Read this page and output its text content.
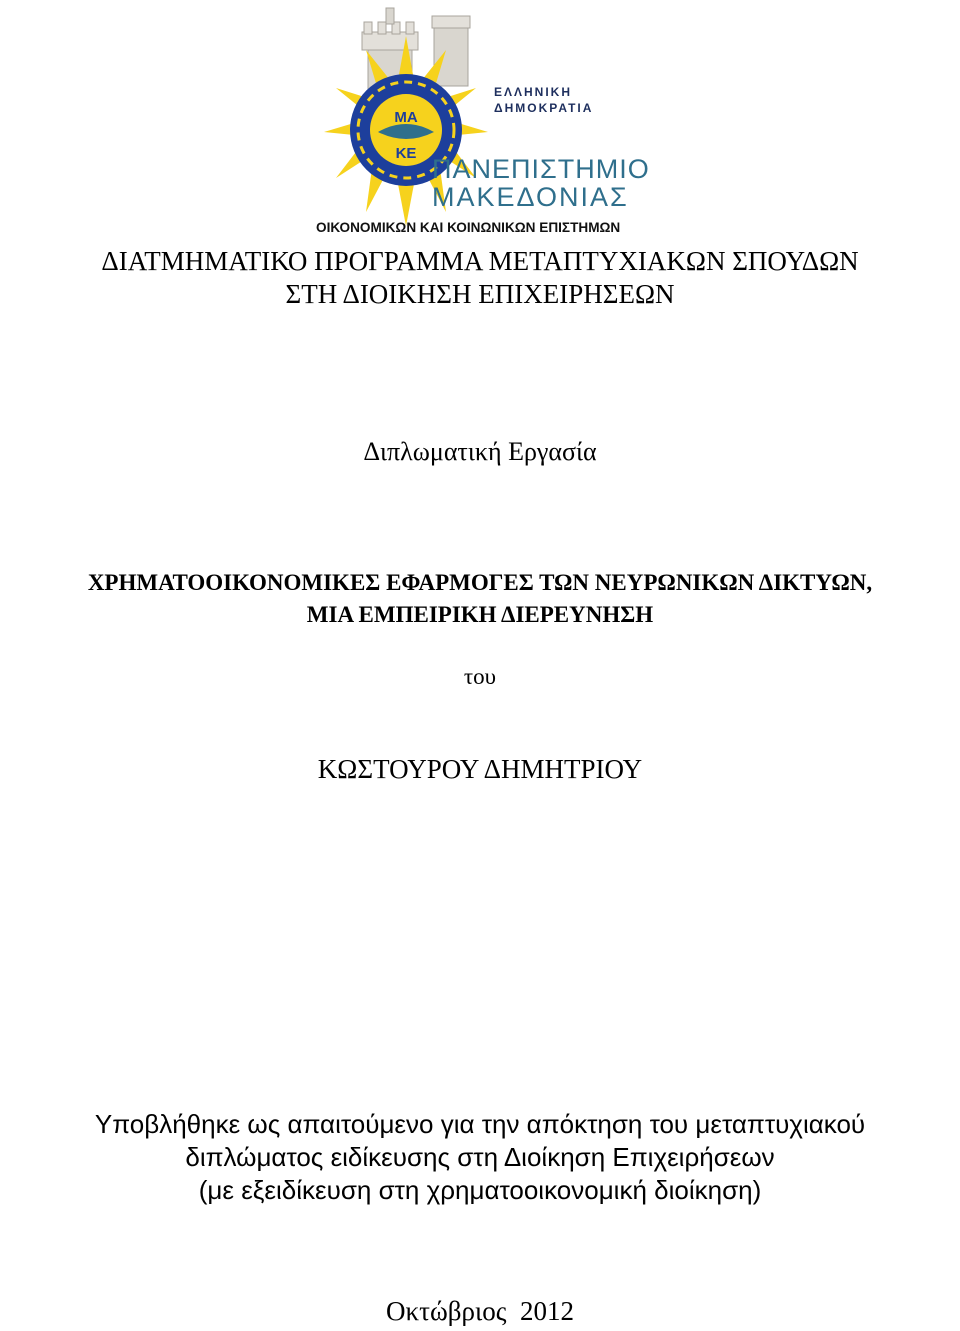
ΜΑ
ΚΕ
ΕΛΛΗΝΙΚΗ
ΔΗΜΟΚΡΑΤΙΑ
ΠΑΝΕΠΙΣΤΗΜΙΟ
ΜΑΚΕΔΟΝΙΑΣ
ΟΙΚΟΝΟΜΙΚΩΝ ΚΑΙ ΚΟΙΝΩΝΙΚΩΝ ΕΠΙΣΤΗΜΩΝ
ΔΙΑΤΜΗΜΑΤΙΚΟ ΠΡΟΓΡΑΜΜΑ ΜΕΤΑΠΤΥΧΙΑΚΩΝ ΣΠΟΥΔΩΝ
ΣΤΗ ΔΙΟΙΚΗΣΗ ΕΠΙΧΕΙΡΗΣΕΩΝ
Διπλωματική Εργασία
ΧΡΗΜΑΤΟΟΙΚΟΝΟΜΙΚΕΣ ΕΦΑΡΜΟΓΕΣ ΤΩΝ ΝΕΥΡΩΝΙΚΩΝ ΔΙΚΤΥΩΝ,
ΜΙΑ ΕΜΠΕΙΡΙΚΗ ΔΙΕΡΕΥΝΗΣΗ
του
ΚΩΣΤΟΥΡΟΥ ΔΗΜΗΤΡΙΟΥ
Υποβλήθηκε ως απαιτούμενο για την απόκτηση του μεταπτυχιακού
διπλώματος ειδίκευσης στη Διοίκηση Επιχειρήσεων
(με εξειδίκευση στη χρηματοοικονομική διοίκηση)
Οκτώβριος  2012
